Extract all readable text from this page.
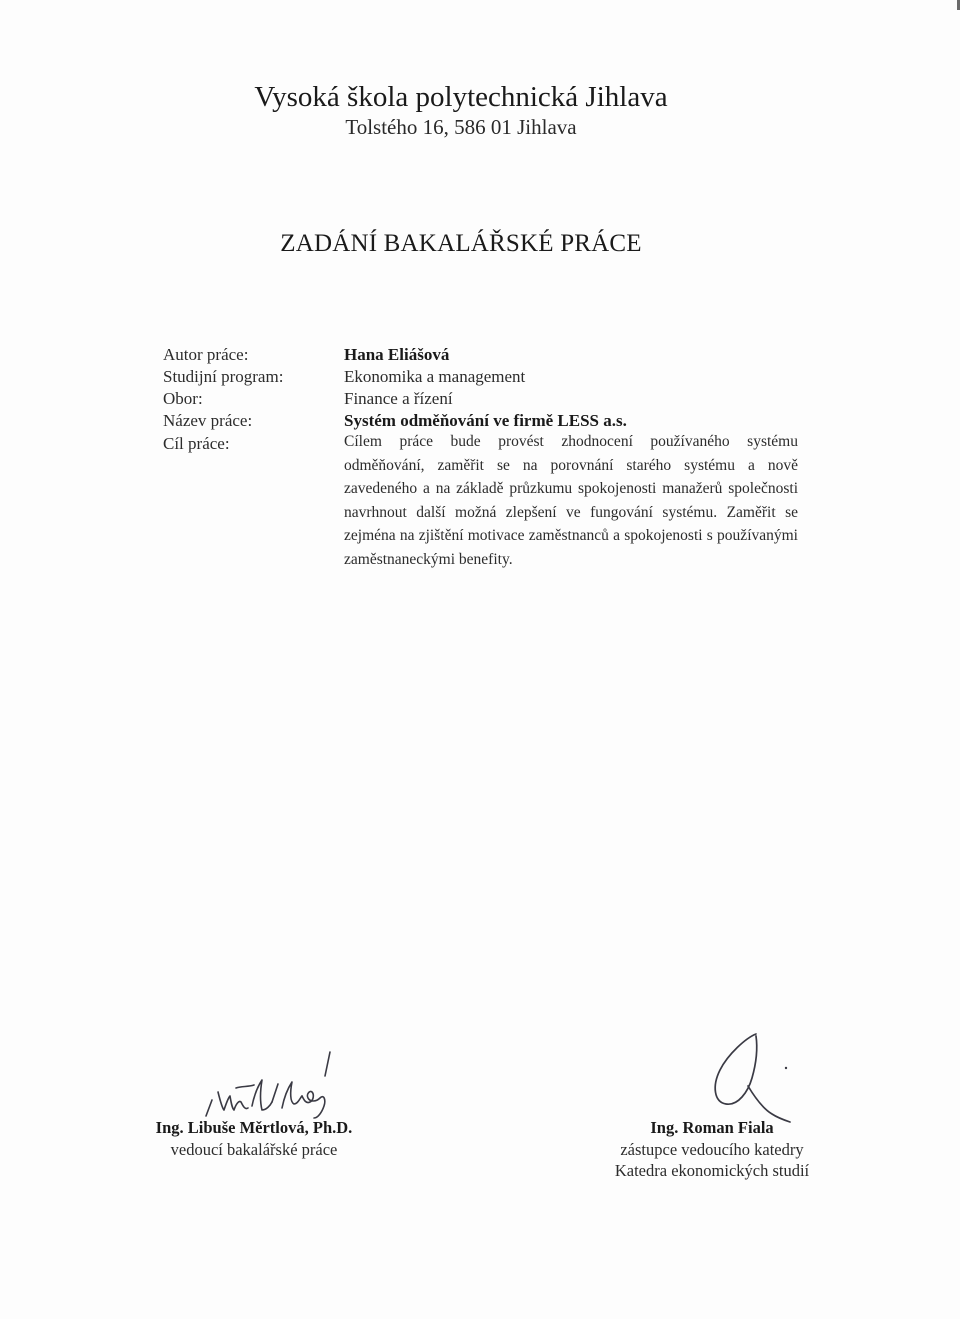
Vysoká škola polytechnická Jihlava
Tolstého 16, 586 01 Jihlava
ZADÁNÍ BAKALÁŘSKÉ PRÁCE
Autor práce:	Hana Eliášová
Studijní program:	Ekonomika a management
Obor:	Finance a řízení
Název práce:	Systém odměňování ve firmě LESS a.s.
Cíl práce:	Cílem práce bude provést zhodnocení používaného systému odměňování, zaměřit se na porovnání starého systému a nově zavedeného a na základě průzkumu spokojenosti manažerů společnosti navrhnout další možná zlepšení ve fungování systému. Zaměřit se zejména na zjištění motivace zaměstnanců a spokojenosti s používanými zaměstnaneckými benefity.

Ing. Libuše Měrtlová, Ph.D.
vedoucí bakalářské práce
Ing. Roman Fiala
zástupce vedoucího katedry
Katedra ekonomických studií
